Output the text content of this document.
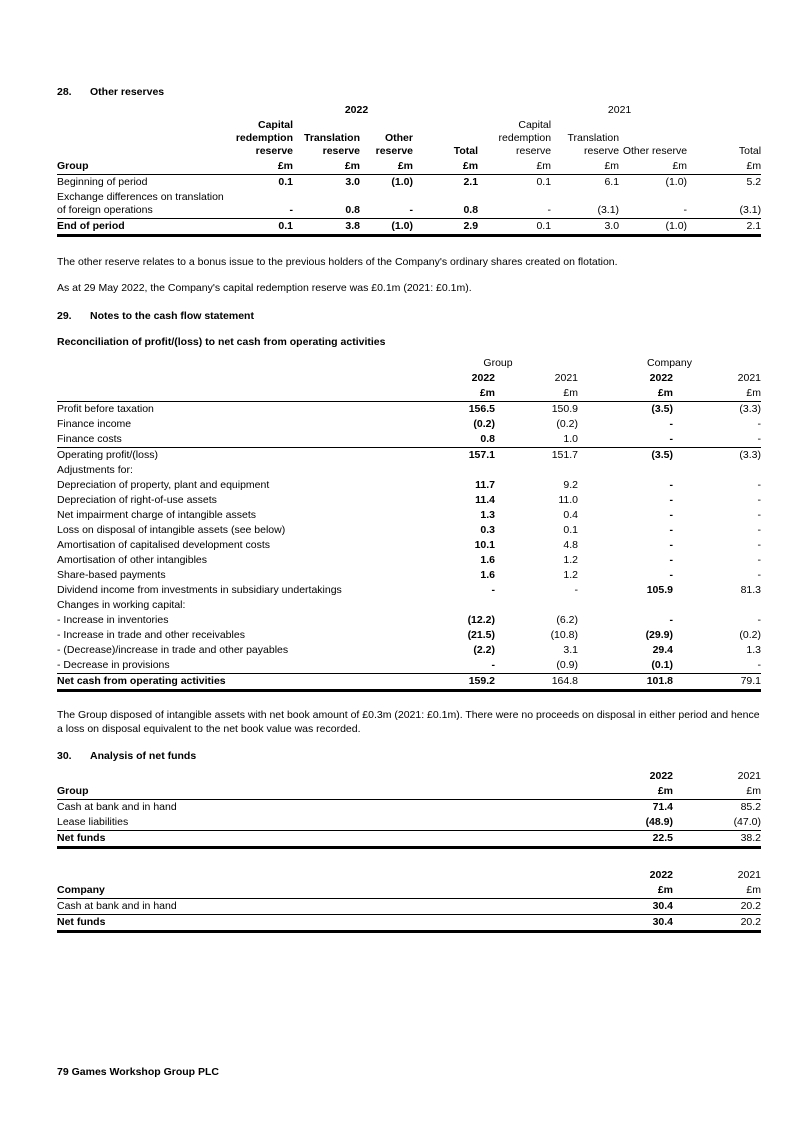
28. Other reserves
	2022				2021			
	Capital redemption reserve	Translation reserve	Other reserve	Total	Capital redemption reserve	Translation reserve	Other reserve	Total
Group	£m	£m	£m	£m	£m	£m	£m	£m
Beginning of period	0.1	3.0	(1.0)	2.1	0.1	6.1	(1.0)	5.2
Exchange differences on translation of foreign operations	-	0.8	-	0.8	-	(3.1)	-	(3.1)
End of period	0.1	3.8	(1.0)	2.9	0.1	3.0	(1.0)	2.1

The other reserve relates to a bonus issue to the previous holders of the Company's ordinary shares created on flotation.

As at 29 May 2022, the Company's capital redemption reserve was £0.1m (2021: £0.1m).

29. Notes to the cash flow statement
Reconciliation of profit/(loss) to net cash from operating activities
	Group		Company	
	2022	2021	2022	2021
	£m	£m	£m	£m
Profit before taxation	156.5	150.9	(3.5)	(3.3)
Finance income	(0.2)	(0.2)	-	-
Finance costs	0.8	1.0	-	-
Operating profit/(loss)	157.1	151.7	(3.5)	(3.3)
Adjustments for:				
Depreciation of property, plant and equipment	11.7	9.2	-	-
Depreciation of right-of-use assets	11.4	11.0	-	-
Net impairment charge of intangible assets	1.3	0.4	-	-
Loss on disposal of intangible assets (see below)	0.3	0.1	-	-
Amortisation of capitalised development costs	10.1	4.8	-	-
Amortisation of other intangibles	1.6	1.2	-	-
Share-based payments	1.6	1.2	-	-
Dividend income from investments in subsidiary undertakings	-	-	105.9	81.3
Changes in working capital:				
- Increase in inventories	(12.2)	(6.2)	-	-
- Increase in trade and other receivables	(21.5)	(10.8)	(29.9)	(0.2)
- (Decrease)/increase in trade and other payables	(2.2)	3.1	29.4	1.3
- Decrease in provisions	-	(0.9)	(0.1)	-
Net cash from operating activities	159.2	164.8	101.8	79.1

The Group disposed of intangible assets with net book amount of £0.3m (2021: £0.1m). There were no proceeds on disposal in either period and hence a loss on disposal equivalent to the net book value was recorded.

30. Analysis of net funds
	2022	2021
Group	£m	£m
Cash at bank and in hand	71.4	85.2
Lease liabilities	(48.9)	(47.0)
Net funds	22.5	38.2
	2022	2021
Company	£m	£m
Cash at bank and in hand	30.4	20.2
Net funds	30.4	20.2
79 Games Workshop Group PLC
